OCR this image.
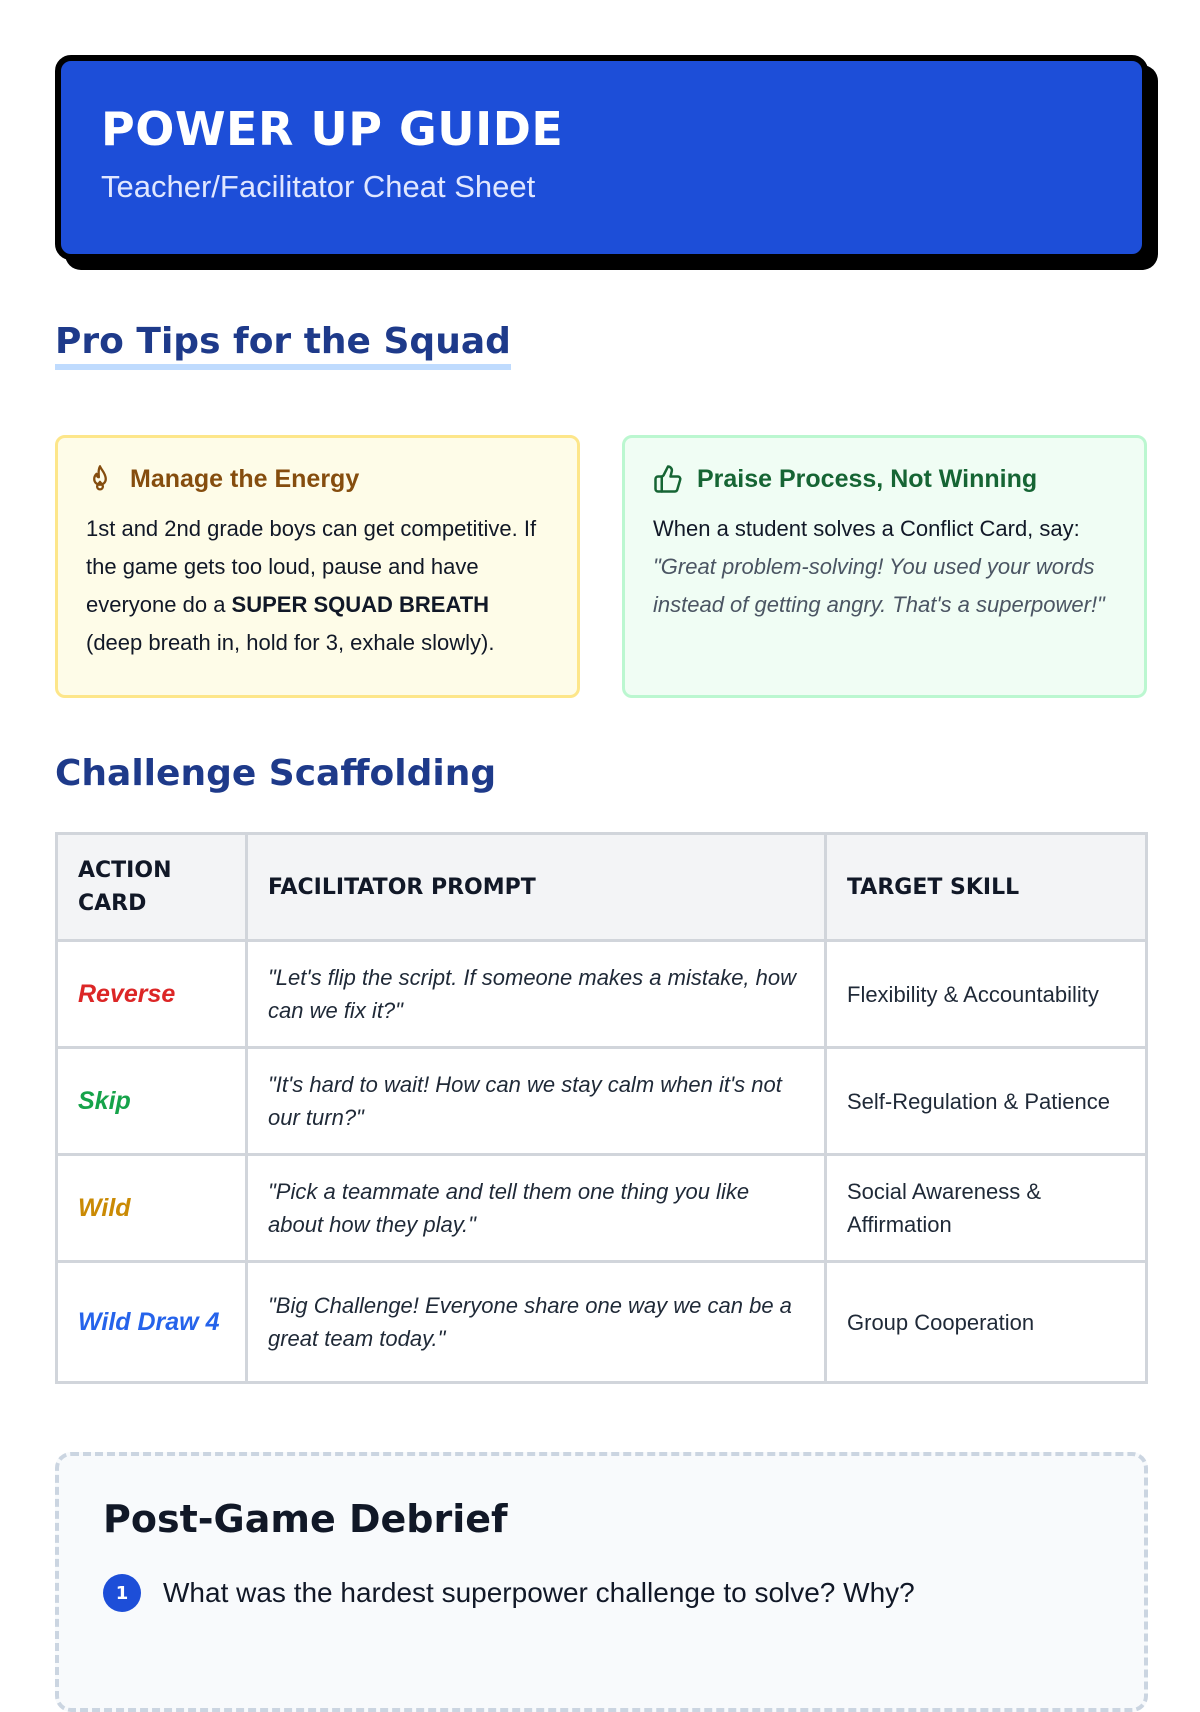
POWER UP GUIDE
Teacher/Facilitator Cheat Sheet
Pro Tips for the Squad
Manage the Energy
1st and 2nd grade boys can get competitive. If the game gets too loud, pause and have everyone do a SUPER SQUAD BREATH (deep breath in, hold for 3, exhale slowly).
Praise Process, Not Winning
When a student solves a Conflict Card, say:
"Great problem-solving! You used your words instead of getting angry. That's a superpower!"
Challenge Scaffolding
ACTION CARD	FACILITATOR PROMPT	TARGET SKILL
Reverse	"Let's flip the script. If someone makes a mistake, how can we fix it?"	Flexibility & Accountability
Skip	"It's hard to wait! How can we stay calm when it's not our turn?"	Self-Regulation & Patience
Wild	"Pick a teammate and tell them one thing you like about how they play."	Social Awareness & Affirmation
Wild Draw 4	"Big Challenge! Everyone share one way we can be a great team today."	Group Cooperation
Post-Game Debrief
1	What was the hardest superpower challenge to solve? Why?
